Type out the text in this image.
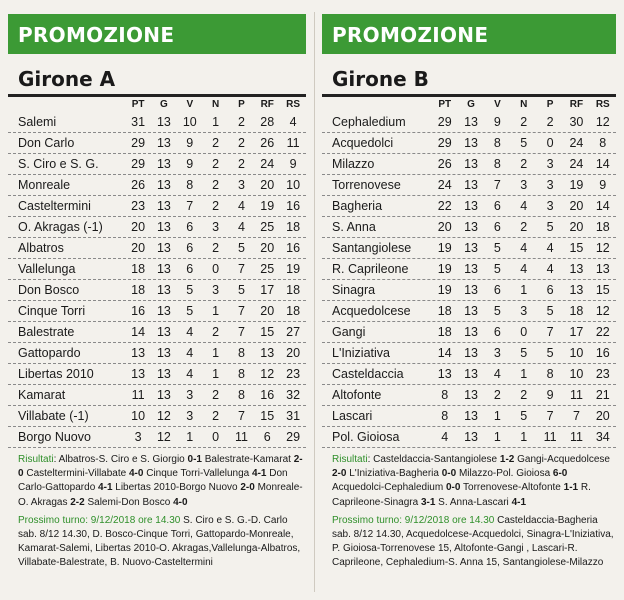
PROMOZIONE
Girone A
PT	G	V	N	P	RF	RS
Salemi	31 13 10	1	2	28	4
Don Carlo	29 13	9	2	2	26 11
S. Ciro e S. G.	29 13	9	2	2	24	9
Monreale	26 13	8	2	3	20 10
Casteltermini	23 13	7	2	4	19 16
O. Akragas (-1)	20 13	6	3	4	25 18
Albatros	20 13	6	2	5	20 16
Vallelunga	18 13	6	0	7	25 19
Don Bosco	18 13	5	3	5	17 18
Cinque Torri	16 13	5	1	7	20 18
Balestrate	14 13	4	2	7	15 27
Gattopardo	13 13	4	1	8	13 20
Libertas 2010	13 13	4	1	8	12 23
Kamarat	11 13	3	2	8	16 32
Villabate (-1)	10 12	3	2	7	15 31
Borgo Nuovo	3	12	1	0	11	6	29
Risultati: Albatros-S. Ciro e S. Giorgio 0-1 Balestrate-Kamarat 2-0 Casteltermini-Villabate 4-0 Cinque Torri-Vallelunga 4-1 Don Carlo-Gattopardo 4-1 Libertas 2010-Borgo Nuovo 2-0 Monreale-O. Akragas 2-2 Salemi-Don Bosco 4-0
Prossimo turno: 9/12/2018 ore 14.30 S. Ciro e S. G.-D. Carlo sab. 8/12 14.30, D. Bosco-Cinque Torri, Gattopardo-Monreale, Kamarat-Salemi, Libertas 2010-O. Akragas,Vallelunga-Albatros, Villabate-Balestrate, B. Nuovo-Casteltermini
PROMOZIONE
Girone B
PT	G	V	N	P	RF	RS
Cephaledium	29 13	9	2	2	30 12
Acquedolci	29 13	8	5	0	24	8
Milazzo	26 13	8	2	3	24 14
Torrenovese	24 13	7	3	3	19	9
Bagheria	22 13	6	4	3	20 14
S. Anna	20 13	6	2	5	20 18
Santangiolese	19 13	5	4	4	15 12
R. Caprileone	19 13	5	4	4	13 13
Sinagra	19 13	6	1	6	13 15
Acquedolcese	18 13	5	3	5	18 12
Gangi	18 13	6	0	7	17 22
L'Iniziativa	14 13	3	5	5	10 16
Casteldaccia	13 13	4	1	8	10 23
Altofonte	8	13	2	2	9	11	21
Lascari	8	13	1	5	7	7	20
Pol. Gioiosa	4	13	1	1	11	11	34
Risultati: Casteldaccia-Santangiolese 1-2 Gangi-Acquedolcese 2-0 L'Iniziativa-Bagheria 0-0 Milazzo-Pol. Gioiosa 6-0 Acquedolci-Cephaledium 0-0 Torrenovese-Altofonte 1-1 R. Caprileone-Sinagra 3-1 S. Anna-Lascari 4-1
Prossimo turno: 9/12/2018 ore 14.30 Casteldaccia-Bagheria sab. 8/12 14.30, Acquedolcese-Acquedolci, Sinagra-L'Iniziativa, P. Gioiosa-Torrenovese 15, Altofonte-Gangi , Lascari-R. Caprileone, Cephaledium-S. Anna 15, Santangiolese-Milazzo
